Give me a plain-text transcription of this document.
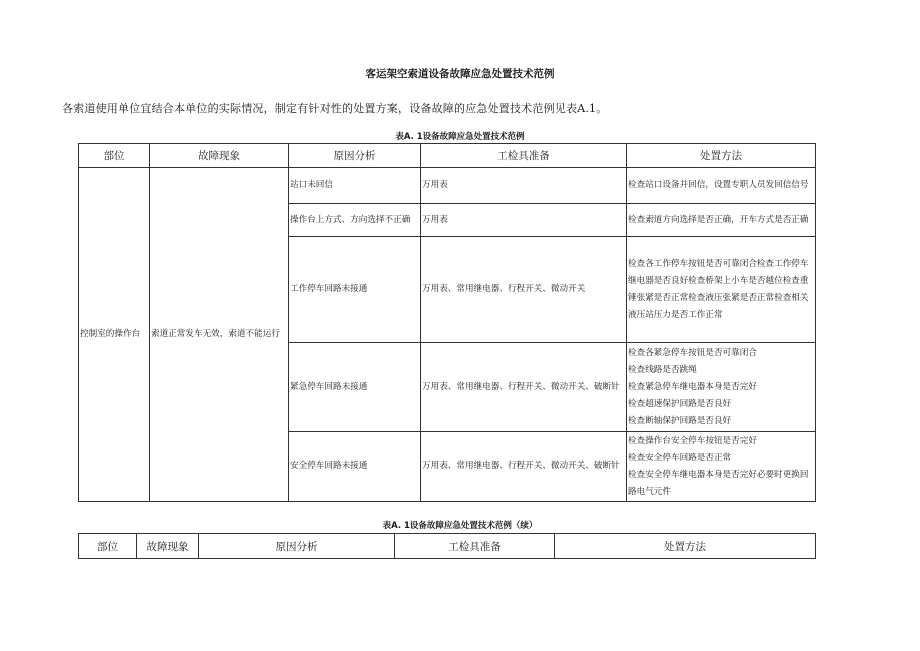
客运架空索道设备故障应急处置技术范例
各索道使用单位宜结合本单位的实际情况，制定有针对性的处置方案，设备故障的应急处置技术范例见表A.1。
表A. 1设备故障应急处置技术范例
部位	故障现象	原因分析	工检具准备	处置方法
控制室的操作台	索道正常发车无效，索道不能运行	站口未回信	万用表	检查站口设备并回信，设置专职人员发回信信号
		操作台上方式、方向选择不正确	万用表	检查索道方向选择是否正确，开车方式是否正确
		工作停车回路未接通	万用表、常用继电器、行程开关、微动开关	检查各工作停车按钮是否可靠闭合检查工作停车继电器是否良好检查桥架上小车是否越位检查重锤张紧是否正常检查液压张紧是否正常检查相关液压站压力是否工作正常
		紧急停车回路未接通	万用表、常用继电器、行程开关、微动开关、破断针	检查各紧急停车按钮是否可靠闭合
检查线路是否跳绳
检查紧急停车继电器本身是否完好
检查超速保护回路是否良好
检查断轴保护回路是否良好

		安全停车回路未接通	万用表、常用继电器、行程开关、微动开关、破断针	检查操作台安全停车按钮是否完好
检查安全停车回路是否正常
检查安全停车继电器本身是否完好必要时更换回路电气元件
表A. 1设备故障应急处置技术范例（续）
部位	故障现象	原因分析	工检具准备	处置方法
